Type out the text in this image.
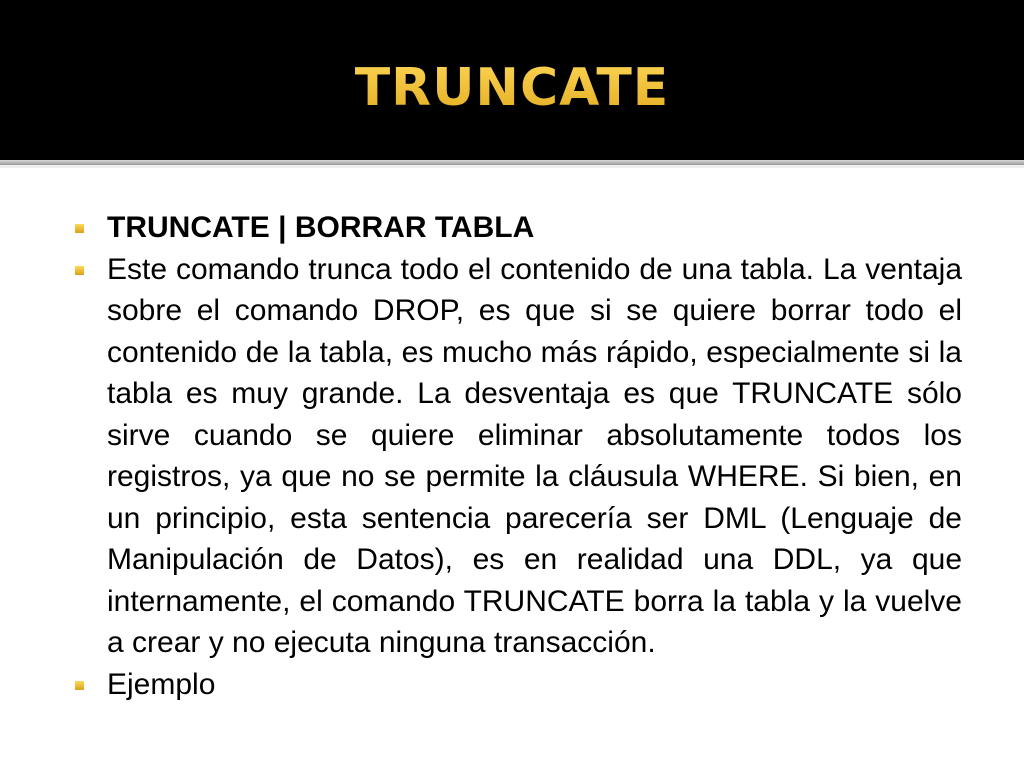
TRUNCATE
TRUNCATE | BORRAR TABLA
Este comando trunca todo el contenido de una tabla. La ventaja sobre el comando DROP, es que si se quiere borrar todo el contenido de la tabla, es mucho más rápido, especialmente si la tabla es muy grande. La desventaja es que TRUNCATE sólo sirve cuando se quiere eliminar absolutamente todos los registros, ya que no se permite la cláusula WHERE. Si bien, en un principio, esta sentencia parecería ser DML (Lenguaje de Manipulación de Datos), es en realidad una DDL, ya que internamente, el comando TRUNCATE borra la tabla y la vuelve a crear y no ejecuta ninguna transacción.
Ejemplo
